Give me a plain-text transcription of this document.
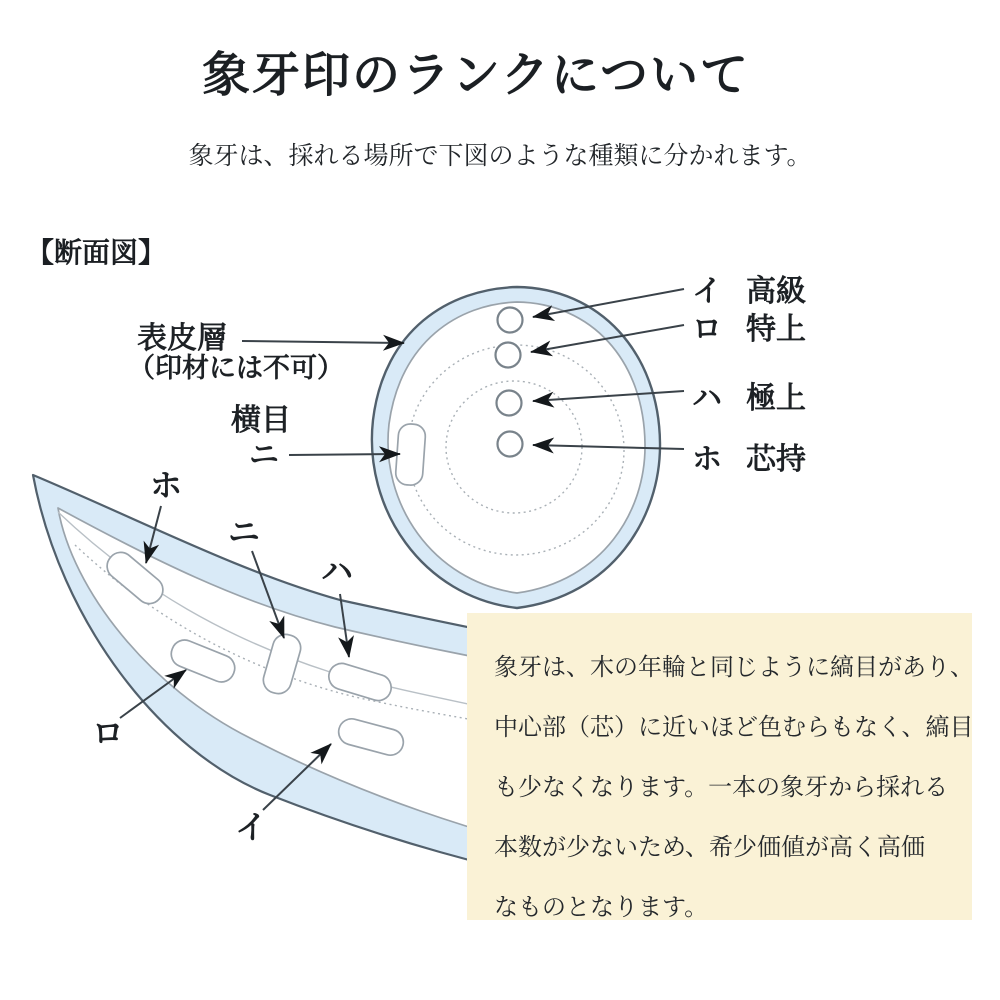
象牙印のランクについて
象牙は、採れる場所で下図のような種類に分かれます。
【断面図】
表皮層
（印材には不可）
横目
ニ
イ 高級
ロ 特上
ハ 極上
ホ 芯持
ホ
ニ
ハ
ロ
イ
象牙は、木の年輪と同じように縞目があり、
中心部（芯）に近いほど色むらもなく、縞目
も少なくなります。一本の象牙から採れる
本数が少ないため、希少価値が高く高価
なものとなります。
